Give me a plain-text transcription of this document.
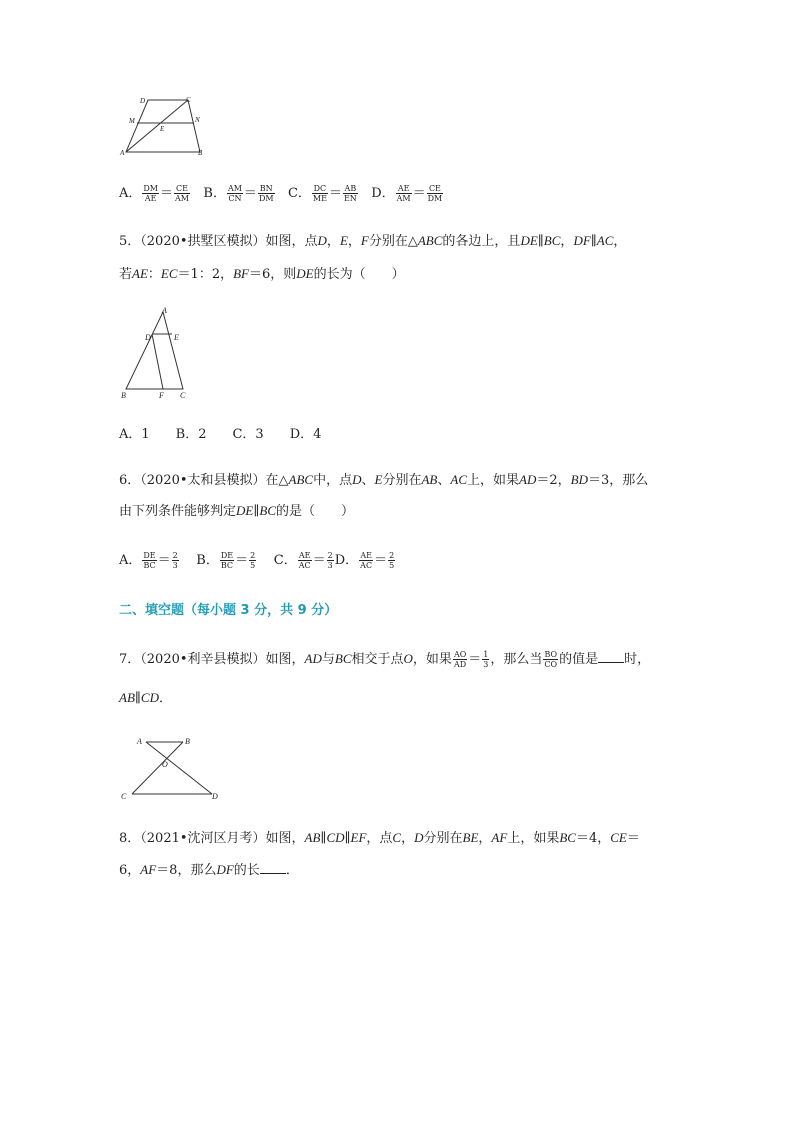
D	C
M
E
N
A	B
A． $\frac{DM}{AE} = \frac{CE}{AM}$ B． $\frac{AM}{CN} = \frac{BN}{DM}$ C． $\frac{DC}{ME} = \frac{AB}{EN}$ D． $\frac{AE}{AM} = \frac{CE}{DM}$
5．（2020•拱墅区模拟）如图，点D，E，F分别在△ABC的各边上，且DE∥BC，DF∥AC，
若AE：EC＝1：2，BF＝6，则DE的长为（　　）
A
D	E
B	F C
A．1　　B．2　　C．3　　D．4
6．（2020•太和县模拟）在△ABC中，点D、E分别在AB、AC上，如果AD＝2，BD＝3，那么
由下列条件能够判定DE∥BC的是（　　）
A． $\frac{DE}{BC} = \frac{2}{3}$ B． $\frac{DE}{BC} = \frac{2}{5}$ C． $\frac{AE}{AC} = \frac{2}{3}$ D． $\frac{AE}{AC} = \frac{2}{5}$
二、填空题（每小题 3 分，共 9 分）
7．（2020•利辛县模拟）如图，AD与BC相交于点O，如果 $\frac{AO}{AD} = \frac{1}{3}$ ，那么当 $\frac{BO}{CO}$ 的值是 时，
AB∥CD．
A	B
O
C	D
8．（2021•沈河区月考）如图，AB∥CD∥EF，点C，D分别在BE，AF上，如果BC＝4，CE＝
6，AF＝8，那么DF的长 ．
